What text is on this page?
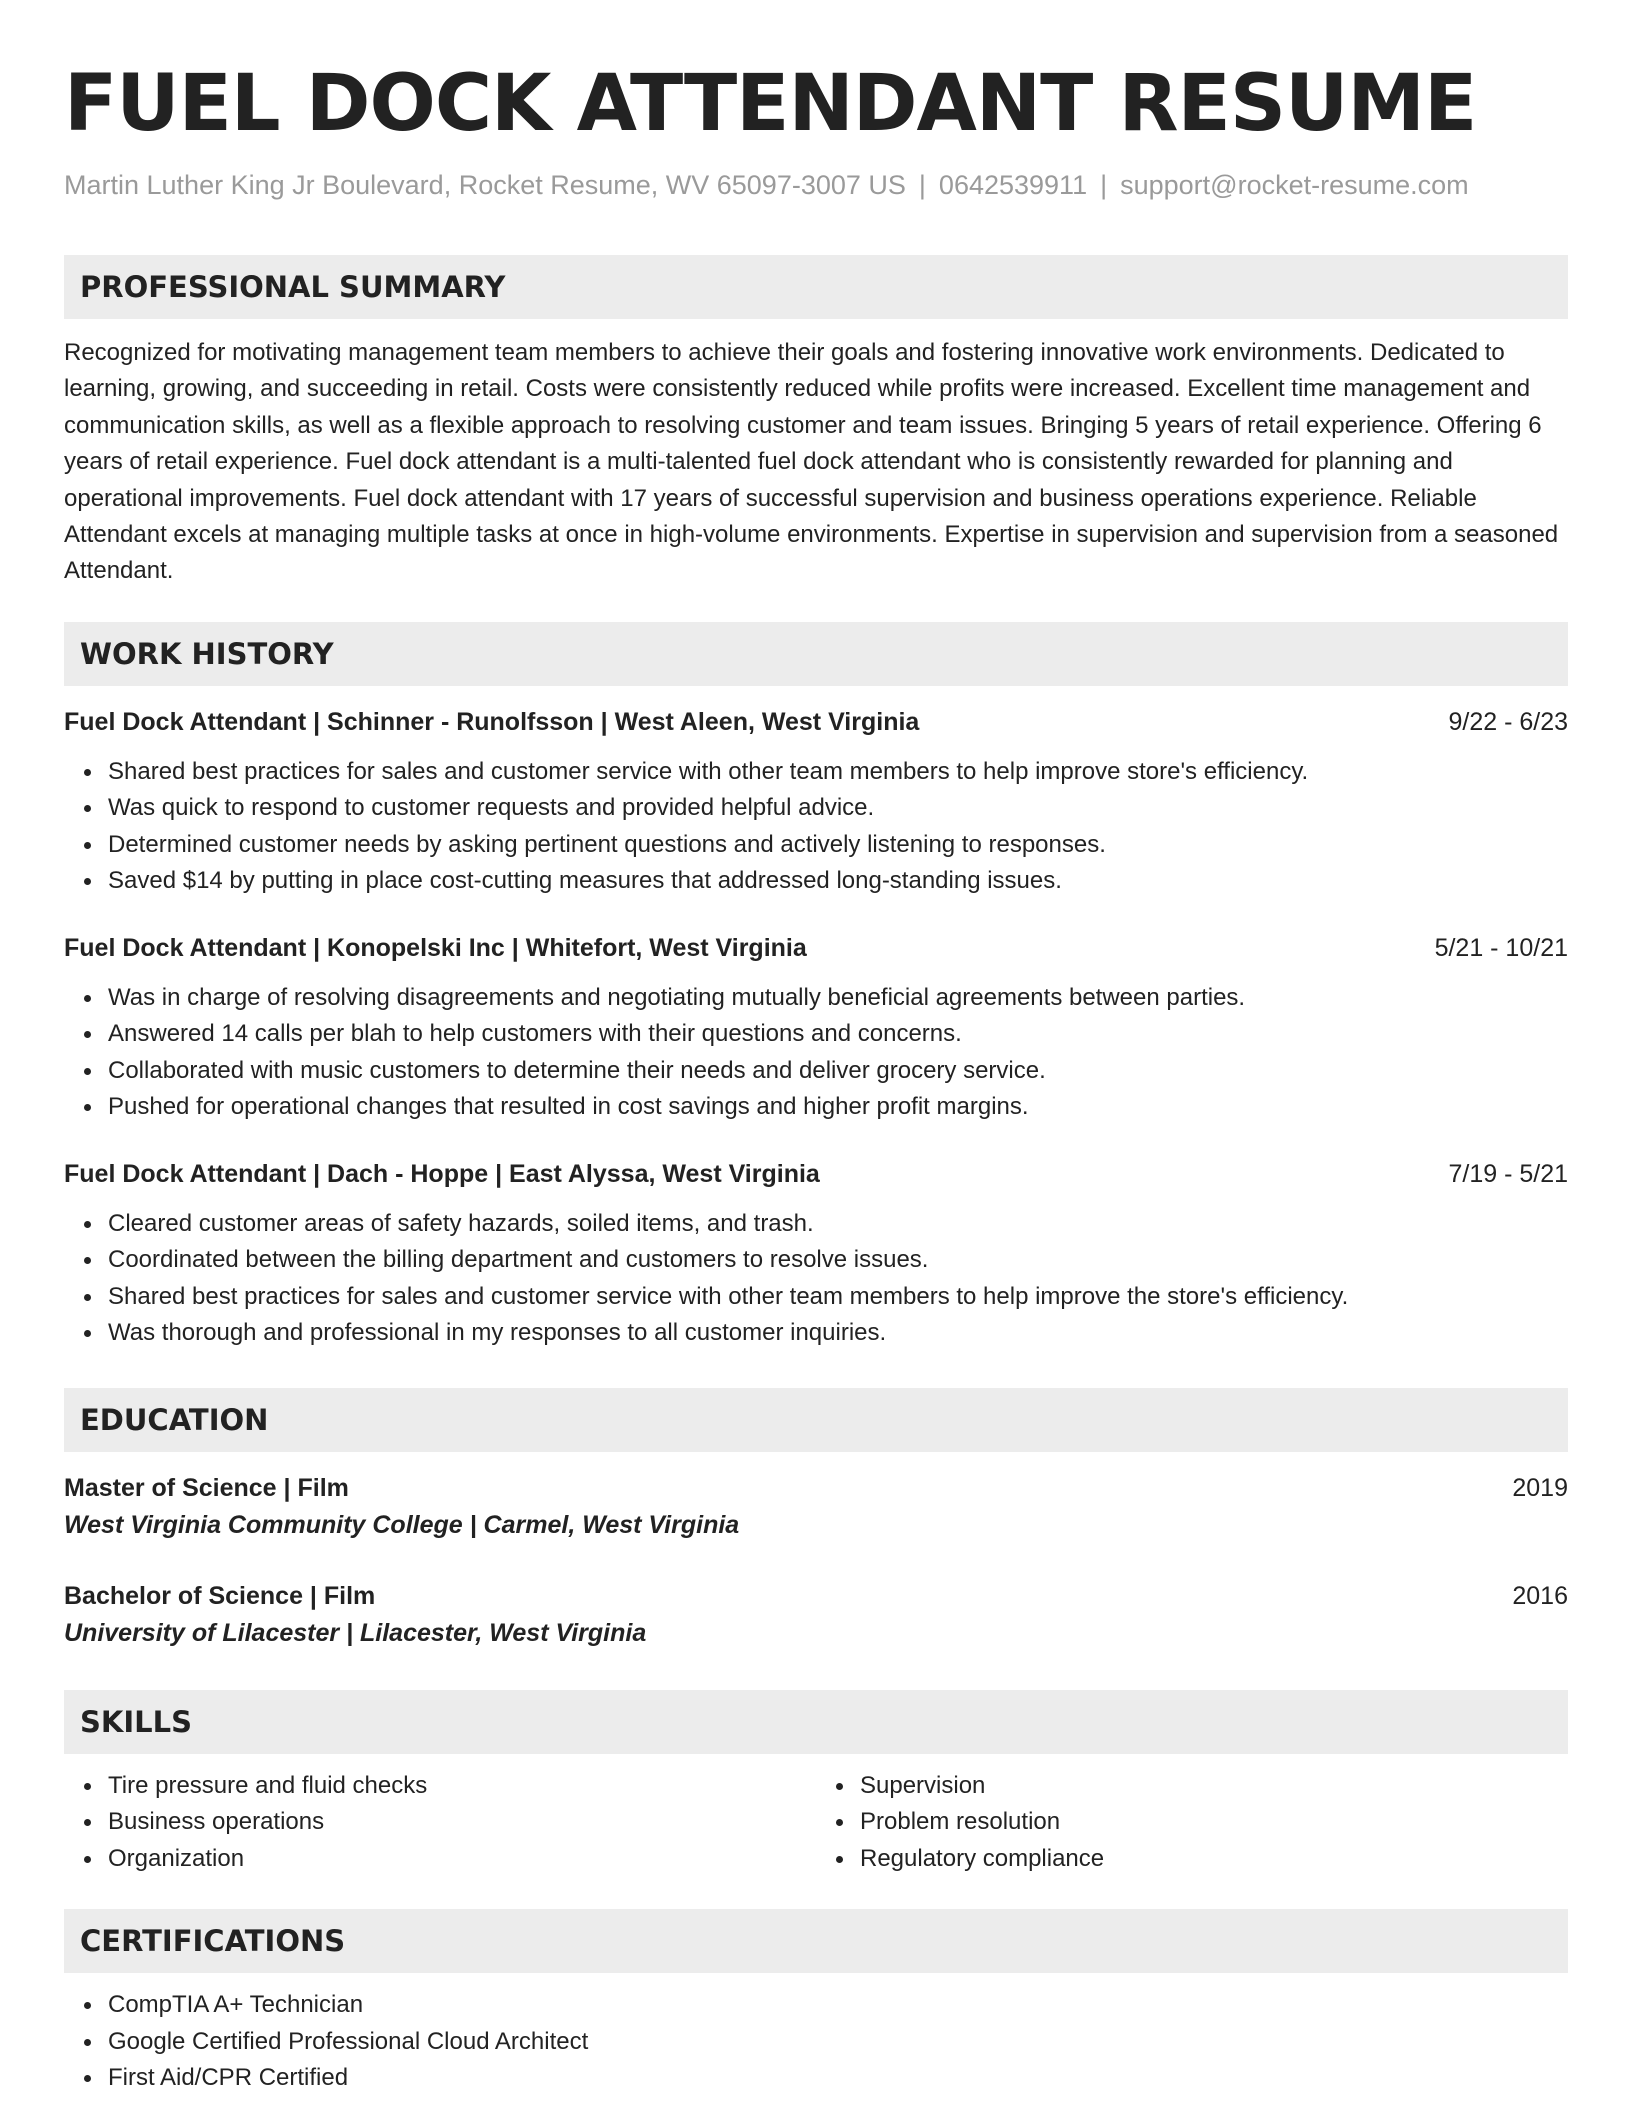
FUEL DOCK ATTENDANT RESUME
Martin Luther King Jr Boulevard, Rocket Resume, WV 65097-3007 US | 0642539911 | support@rocket-resume.com
PROFESSIONAL SUMMARY

Recognized for motivating management team members to achieve their goals and fostering innovative work environments. Dedicated to learning, growing, and succeeding in retail. Costs were consistently reduced while profits were increased. Excellent time management and communication skills, as well as a flexible approach to resolving customer and team issues. Bringing 5 years of retail experience. Offering 6 years of retail experience. Fuel dock attendant is a multi-talented fuel dock attendant who is consistently rewarded for planning and operational improvements. Fuel dock attendant with 17 years of successful supervision and business operations experience. Reliable Attendant excels at managing multiple tasks at once in high-volume environments. Expertise in supervision and supervision from a seasoned Attendant.

WORK HISTORY
Fuel Dock Attendant | Schinner - Runolfsson | West Aleen, West Virginia	9/22 - 6/23
Shared best practices for sales and customer service with other team members to help improve store's efficiency.
Was quick to respond to customer requests and provided helpful advice.
Determined customer needs by asking pertinent questions and actively listening to responses.
Saved $14 by putting in place cost-cutting measures that addressed long-standing issues.
Fuel Dock Attendant | Konopelski Inc | Whitefort, West Virginia	5/21 - 10/21
Was in charge of resolving disagreements and negotiating mutually beneficial agreements between parties.
Answered 14 calls per blah to help customers with their questions and concerns.
Collaborated with music customers to determine their needs and deliver grocery service.
Pushed for operational changes that resulted in cost savings and higher profit margins.
Fuel Dock Attendant | Dach - Hoppe | East Alyssa, West Virginia	7/19 - 5/21
Cleared customer areas of safety hazards, soiled items, and trash.
Coordinated between the billing department and customers to resolve issues.
Shared best practices for sales and customer service with other team members to help improve the store's efficiency.
Was thorough and professional in my responses to all customer inquiries.
EDUCATION
Master of Science | Film	2019
West Virginia Community College | Carmel, West Virginia
Bachelor of Science | Film	2016
University of Lilacester | Lilacester, West Virginia
SKILLS
Tire pressure and fluid checks
Business operations
Organization
Supervision
Problem resolution
Regulatory compliance
CERTIFICATIONS
CompTIA A+ Technician
Google Certified Professional Cloud Architect
First Aid/CPR Certified
